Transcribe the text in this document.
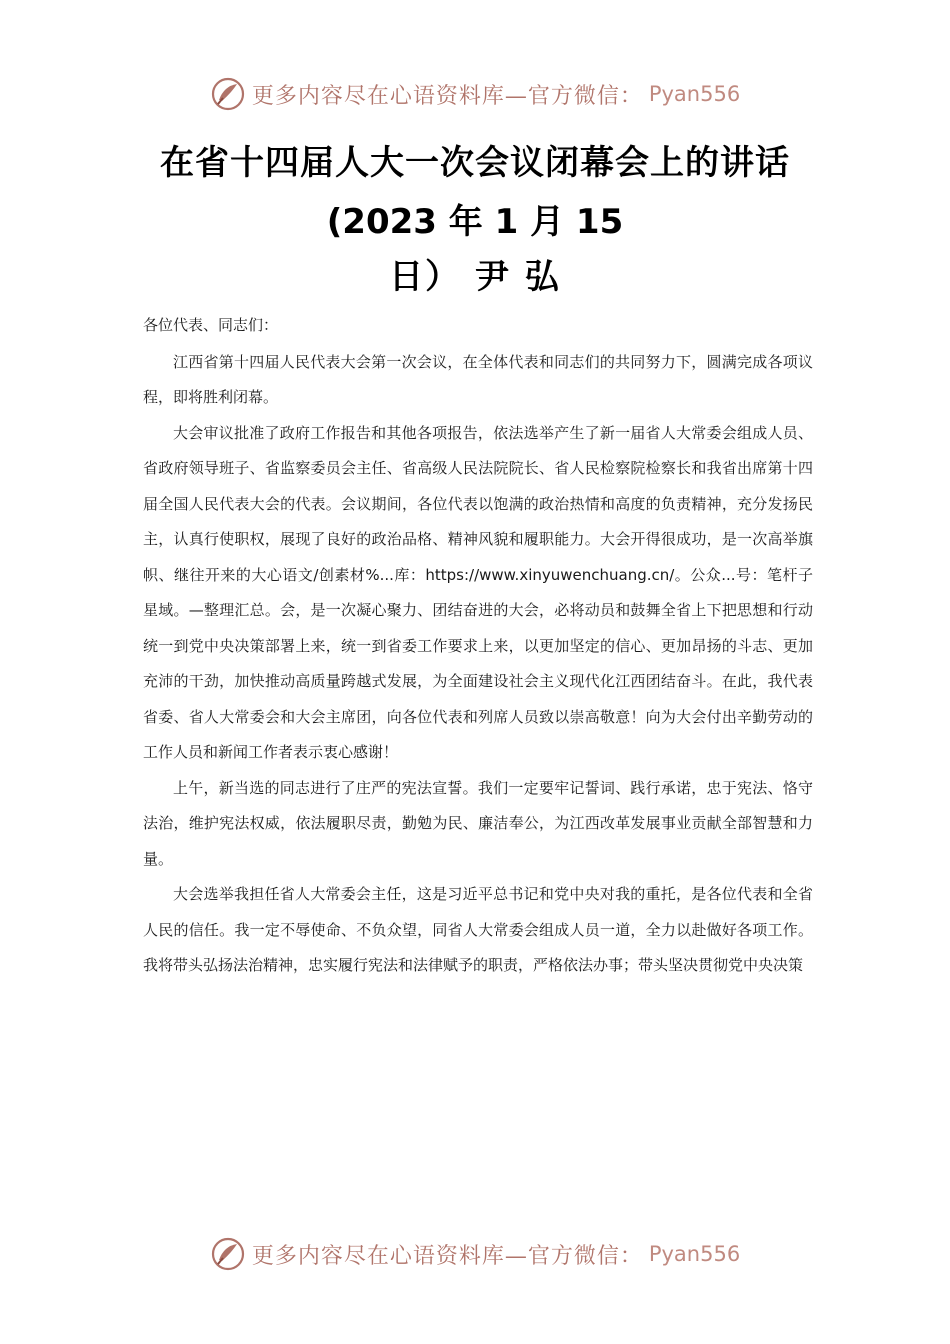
更多内容尽在心语资料库—官方微信： Pyan556
在省十四届人大一次会议闭幕会上的讲话
(2023 年 1 月 15
日） 尹 弘

各位代表、同志们：

江西省第十四届人民代表大会第一次会议，在全体代表和同志们的共同努力下，圆满完成各项议程，即将胜利闭幕。

大会审议批准了政府工作报告和其他各项报告，依法选举产生了新一届省人大常委会组成人员、省政府领导班子、省监察委员会主任、省高级人民法院院长、省人民检察院检察长和我省出席第十四届全国人民代表大会的代表。会议期间，各位代表以饱满的政治热情和高度的负责精神，充分发扬民主，认真行使职权，展现了良好的政治品格、精神风貌和履职能力。大会开得很成功，是一次高举旗帜、继往开来的大心语文/创素材%...库：https://www.xinyuwenchuang.cn/。公众...号：笔杆子星域。—整理汇总。会，是一次凝心聚力、团结奋进的大会，必将动员和鼓舞全省上下把思想和行动统一到党中央决策部署上来，统一到省委工作要求上来，以更加坚定的信心、更加昂扬的斗志、更加充沛的干劲，加快推动高质量跨越式发展，为全面建设社会主义现代化江西团结奋斗。在此，我代表省委、省人大常委会和大会主席团，向各位代表和列席人员致以崇高敬意！向为大会付出辛勤劳动的工作人员和新闻工作者表示衷心感谢！

上午，新当选的同志进行了庄严的宪法宣誓。我们一定要牢记誓词、践行承诺，忠于宪法、恪守法治，维护宪法权威，依法履职尽责，勤勉为民、廉洁奉公，为江西改革发展事业贡献全部智慧和力量。

大会选举我担任省人大常委会主任，这是习近平总书记和党中央对我的重托，是各位代表和全省人民的信任。我一定不辱使命、不负众望，同省人大常委会组成人员一道，全力以赴做好各项工作。我将带头弘扬法治精神，忠实履行宪法和法律赋予的职责，严格依法办事；带头坚决贯彻党中央决策

更多内容尽在心语资料库—官方微信： Pyan556
